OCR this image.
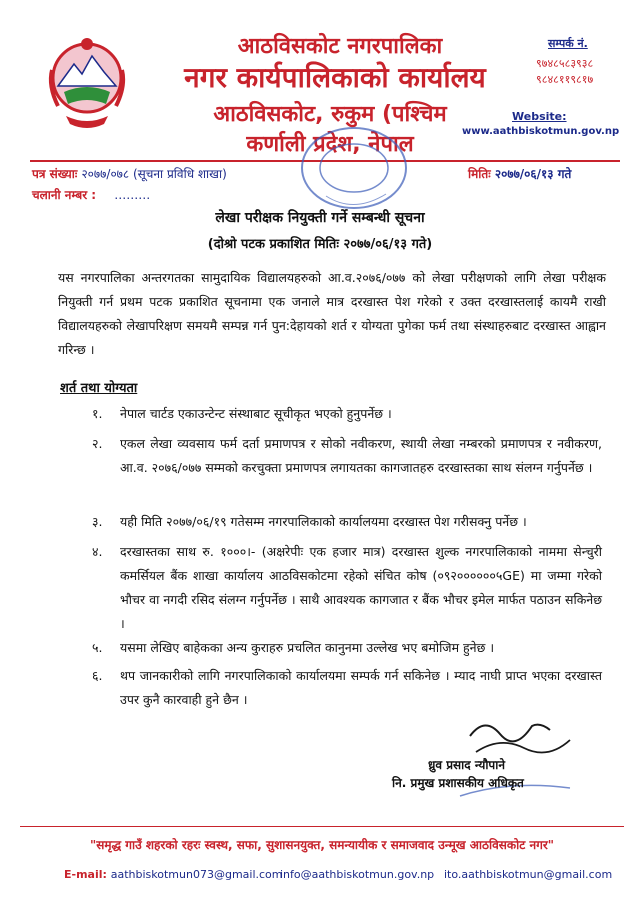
आठविसकोट नगरपालिका
नगर कार्यपालिकाको कार्यालय
आठविसकोट, रुकुम (पश्चिम
कर्णाली प्रदेश, नेपाल
सम्पर्क नं.
९७४८५८३९३८
९८४८११९८१७
Website:
www.aathbiskotmun.gov.np
पत्र संख्याः २०७७/०७८ (सूचना प्रविधि शाखा)
चलानी नम्बर : ………
मितिः २०७७/०६/१३ गते
लेखा परीक्षक नियुक्ती गर्ने सम्बन्धी सूचना
(दोश्रो पटक प्रकाशित मितिः २०७७/०६/१३ गते)
यस नगरपालिका अन्तरगतका सामुदायिक विद्यालयहरुको आ.व.२०७६/०७७ को लेखा परीक्षणको लागि लेखा परीक्षक नियुक्ती गर्न प्रथम पटक प्रकाशित सूचनामा एक जनाले मात्र दरखास्त पेश गरेको र उक्त दरखास्तलाई कायमै राखी विद्यालयहरुको लेखापरिक्षण समयमै सम्पन्न गर्न पुन:देहायको शर्त र योग्यता पुगेका फर्म तथा संस्थाहरुबाट दरखास्त आह्वान गरिन्छ ।
शर्त तथा योग्यता
१.	नेपाल चार्टड एकाउन्टेन्ट संस्थाबाट सूचीकृत भएको हुनुपर्नेछ ।
२.	एकल लेखा व्यवसाय फर्म दर्ता प्रमाणपत्र र सोको नवीकरण, स्थायी लेखा नम्बरको प्रमाणपत्र र नवीकरण, आ.व. २०७६/०७७ सम्मको करचुक्ता प्रमाणपत्र लगायतका कागजातहरु दरखास्तका साथ संलग्न गर्नुपर्नेछ ।
३.	यही मिति २०७७/०६/१९ गतेसम्म नगरपालिकाको कार्यालयमा दरखास्त पेश गरीसक्नु पर्नेछ ।
४.	दरखास्तका साथ रु. १०००।- (अक्षरेपीः एक हजार मात्र) दरखास्त शुल्क नगरपालिकाको नाममा सेन्चुरी कमर्सियल बैंक शाखा कार्यालय आठविसकोटमा रहेको संचित कोष (०९२००००००५GE) मा जम्मा गरेको भौचर वा नगदी रसिद संलग्न गर्नुपर्नेछ । साथै आवश्यक कागजात र बैंक भौचर इमेल मार्फत पठाउन सकिनेछ ।
५.	यसमा लेखिए बाहेकका अन्य कुराहरु प्रचलित कानुनमा उल्लेख भए बमोजिम हुनेछ ।
६.	थप जानकारीको लागि नगरपालिकाको कार्यालयमा सम्पर्क गर्न सकिनेछ । म्याद नाघी प्राप्त भएका दरखास्त उपर कुनै कारवाही हुने छैन ।
ध्रुव प्रसाद न्यौपाने
नि. प्रमुख प्रशासकीय अधिकृत
"समृद्ध गाउँ शहरको रहरः स्वस्थ, सफा, सुशासनयुक्त, समन्यायीक र समाजवाद उन्मूख आठविसकोट नगर"
E-mail: aathbiskotmun073@gmail.com
info@aathbiskotmun.gov.np ito.aathbiskotmun@gmail.com
